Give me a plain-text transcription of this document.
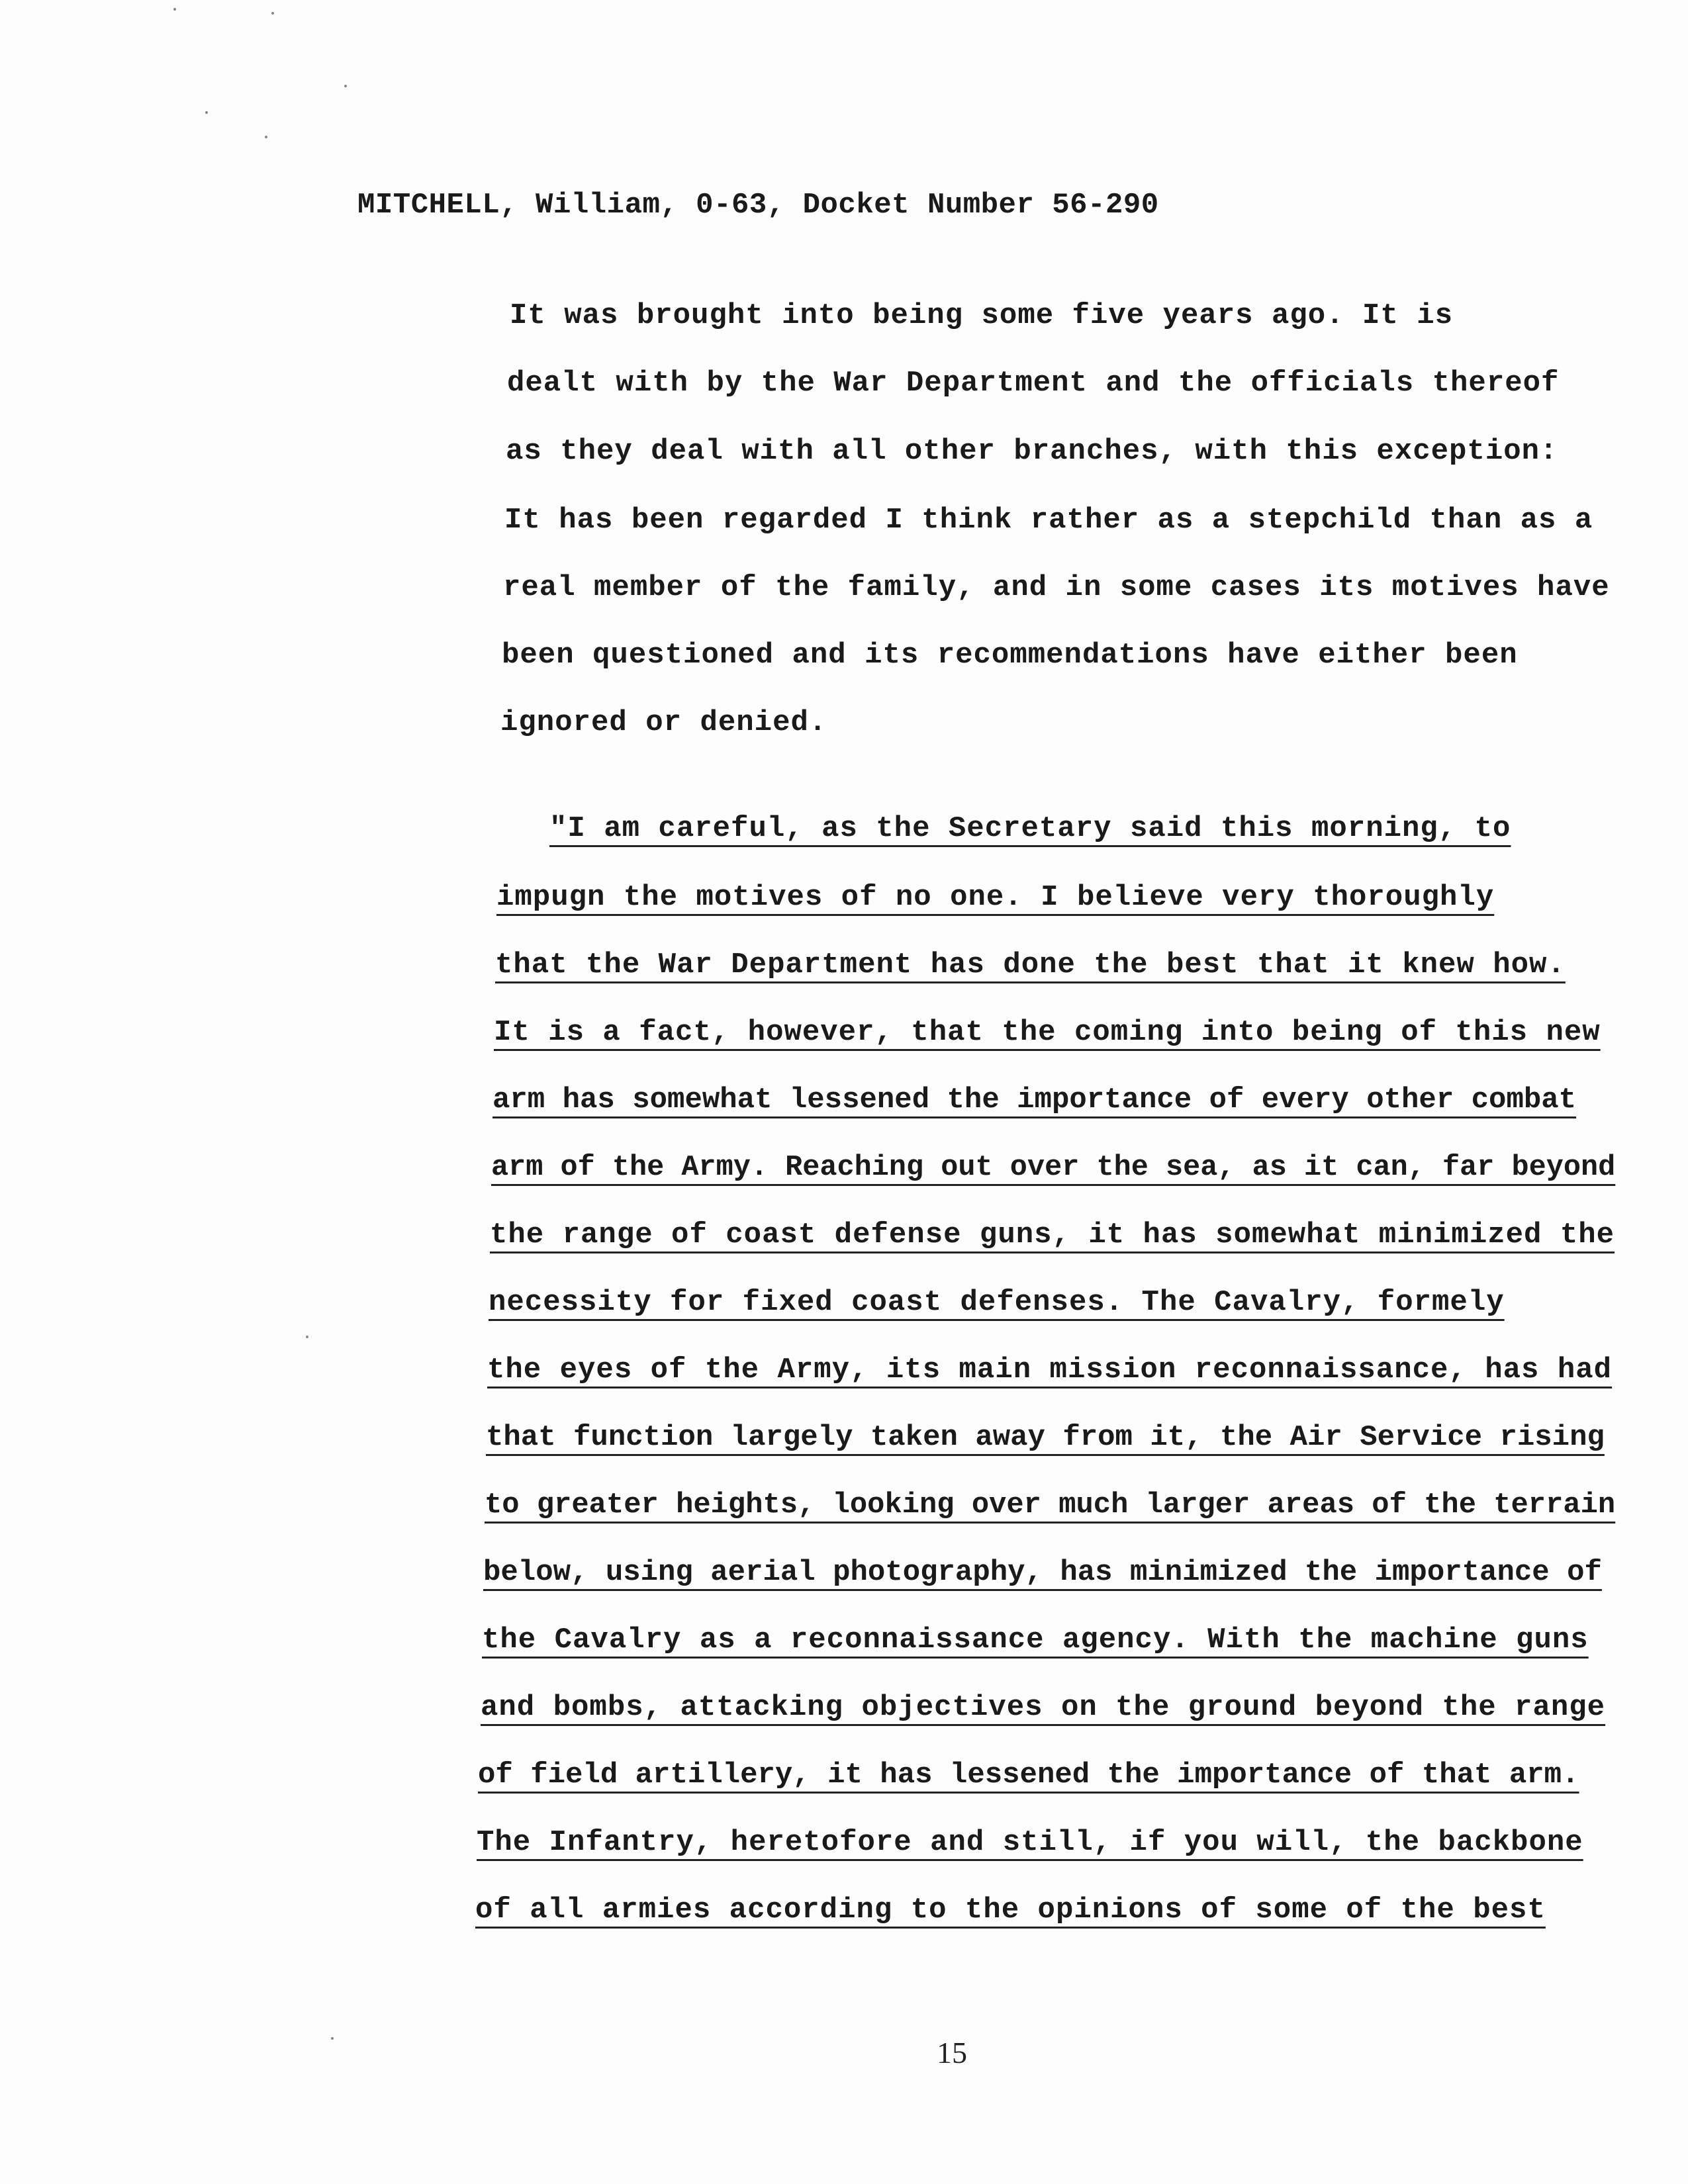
MITCHELL, William, 0-63, Docket Number 56-290
It was brought into being some five years ago. It is
dealt with by the War Department and the officials thereof
as they deal with all other branches, with this exception:
It has been regarded I think rather as a stepchild than as a
real member of the family, and in some cases its motives have
been questioned and its recommendations have either been
ignored or denied.
"I am careful, as the Secretary said this morning, to
impugn the motives of no one. I believe very thoroughly
that the War Department has done the best that it knew how.
It is a fact, however, that the coming into being of this new
arm has somewhat lessened the importance of every other combat
arm of the Army. Reaching out over the sea, as it can, far beyond
the range of coast defense guns, it has somewhat minimized the
necessity for fixed coast defenses. The Cavalry, formely
the eyes of the Army, its main mission reconnaissance, has had
that function largely taken away from it, the Air Service rising
to greater heights, looking over much larger areas of the terrain
below, using aerial photography, has minimized the importance of
the Cavalry as a reconnaissance agency. With the machine guns
and bombs, attacking objectives on the ground beyond the range
of field artillery, it has lessened the importance of that arm.
The Infantry, heretofore and still, if you will, the backbone
of all armies according to the opinions of some of the best
15
